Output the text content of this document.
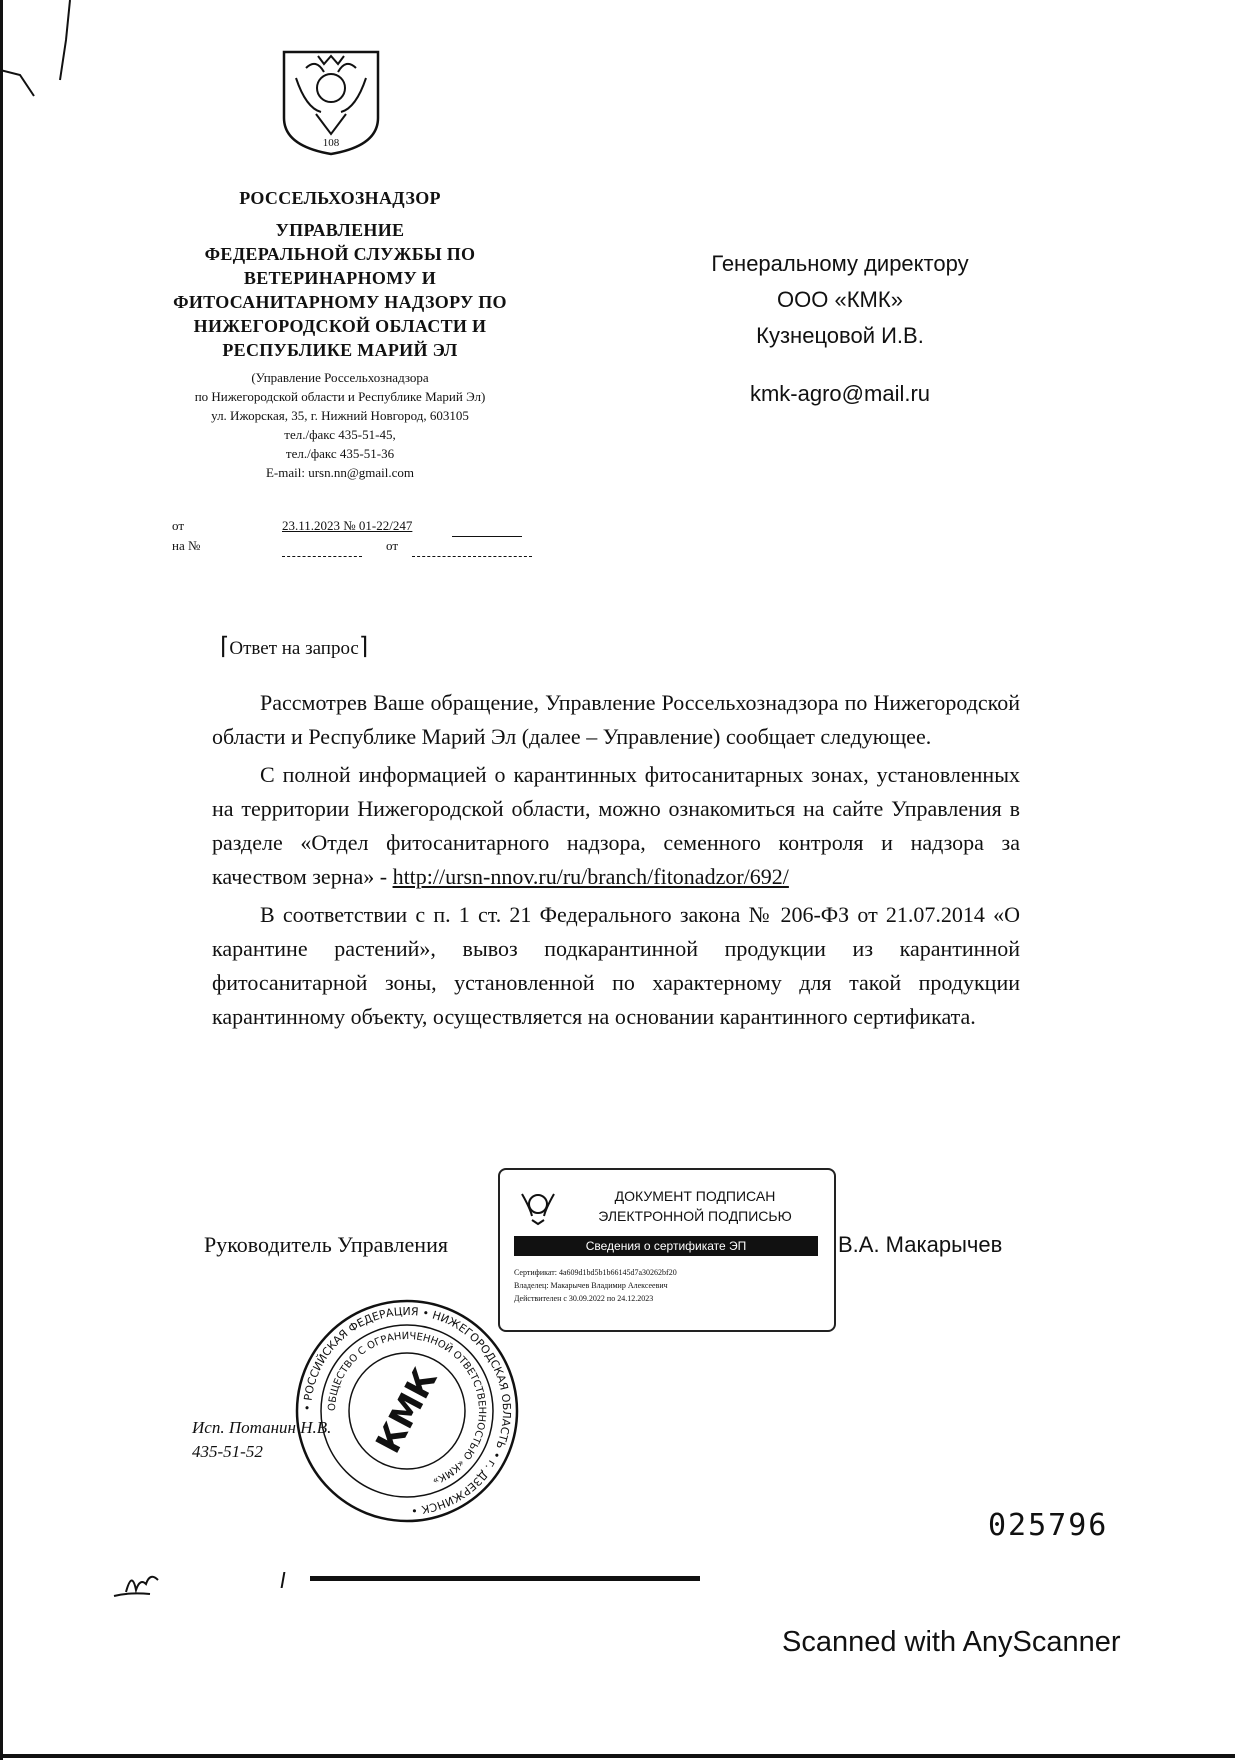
108
РОССЕЛЬХОЗНАДЗОР
УПРАВЛЕНИЕ
ФЕДЕРАЛЬНОЙ СЛУЖБЫ ПО
ВЕТЕРИНАРНОМУ И
ФИТОСАНИТАРНОМУ НАДЗОРУ ПО
НИЖЕГОРОДСКОЙ ОБЛАСТИ И
РЕСПУБЛИКЕ МАРИЙ ЭЛ
(Управление Россельхознадзора
по Нижегородской области и Республике Марий Эл)
ул. Ижорская, 35, г. Нижний Новгород, 603105
тел./факс 435-51-45,
тел./факс 435-51-36
E-mail: ursn.nn@gmail.com
от	23.11.2023 № 01-22/247
на №	от
Генеральному директору
ООО «КМК»
Кузнецовой И.В.
kmk-agro@mail.ru
⌈Ответ на запрос⌉

Рассмотрев Ваше обращение, Управление Россельхознадзора по Нижегородской области и Республике Марий Эл (далее – Управление) сообщает следующее.

С полной информацией о карантинных фитосанитарных зонах, установленных на территории Нижегородской области, можно ознакомиться на сайте Управления в разделе «Отдел фитосанитарного надзора, семенного контроля и надзора за качеством зерна» - http://ursn-nnov.ru/ru/branch/fitonadzor/692/

В соответствии с п. 1 ст. 21 Федерального закона № 206-ФЗ от 21.07.2014 «О карантине растений», вывоз подкарантинной продукции из карантинной фитосанитарной зоны, установленной по характерному для такой продукции карантинному объекту, осуществляется на основании карантинного сертификата.

Руководитель Управления	В.А. Макарычев
ДОКУМЕНТ ПОДПИСАН
ЭЛЕКТРОННОЙ ПОДПИСЬЮ
Сведения о сертификате ЭП
Сертификат: 4a609d1bd5b1b66145d7a30262bf20
Владелец: Макарычев Владимир Алексеевич
Действителен с 30.09.2022 по 24.12.2023
Исп. Потанин Н.В.
435-51-52
• РОССИЙСКАЯ ФЕДЕРАЦИЯ • НИЖЕГОРОДСКАЯ ОБЛАСТЬ • г. ДЗЕРЖИНСК •
ОБЩЕСТВО С ОГРАНИЧЕННОЙ ОТВЕТСТВЕННОСТЬЮ «КМК»
КМК
025796
Scanned with AnyScanner
